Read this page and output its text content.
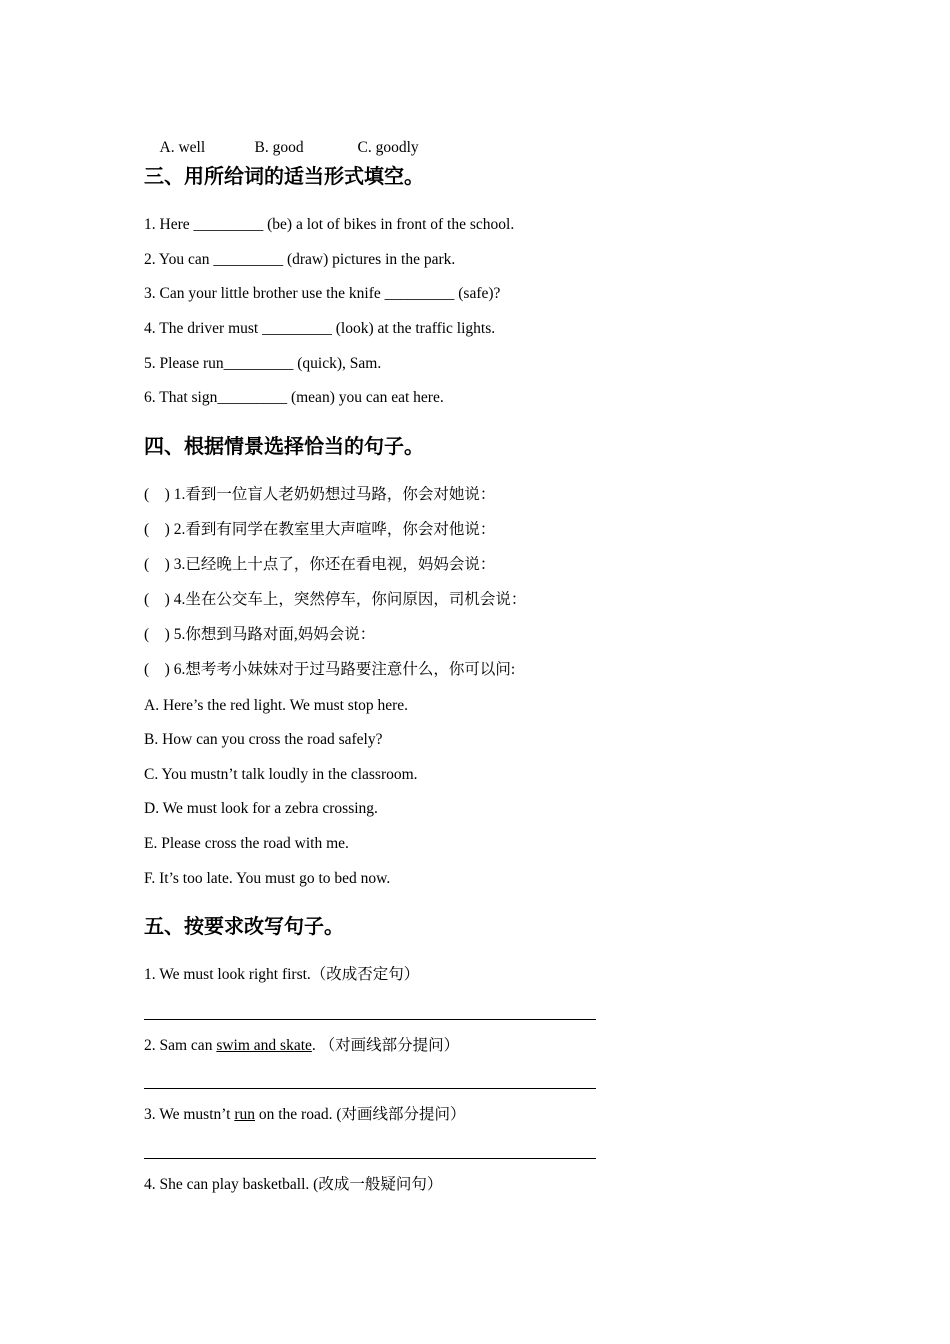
A. well	B. good	C. goodly

三、用所给词的适当形式填空。

1. Here _________ (be) a lot of bikes in front of the school.

2. You can _________ (draw) pictures in the park.

3. Can your little brother use the knife _________ (safe)?

4. The driver must _________ (look) at the traffic lights.

5. Please run_________ (quick), Sam.

6. That sign_________ (mean) you can eat here.

四、根据情景选择恰当的句子。

(    ) 1.看到一位盲人老奶奶想过马路，你会对她说：

(    ) 2.看到有同学在教室里大声喧哗，你会对他说：

(    ) 3.已经晚上十点了，你还在看电视，妈妈会说：

(    ) 4.坐在公交车上，突然停车，你问原因，司机会说：

(    ) 5.你想到马路对面,妈妈会说：

(    ) 6.想考考小妹妹对于过马路要注意什么，你可以问:

A. Here’s the red light. We must stop here.

B. How can you cross the road safely?

C. You mustn’t talk loudly in the classroom.

D. We must look for a zebra crossing.

E. Please cross the road with me.

F. It’s too late. You must go to bed now.

五、按要求改写句子。

1. We must look right first.（改成否定句）

2. Sam can swim and skate. （对画线部分提问）

3. We mustn’t run on the road. (对画线部分提问）

4. She can play basketball. (改成一般疑问句）
